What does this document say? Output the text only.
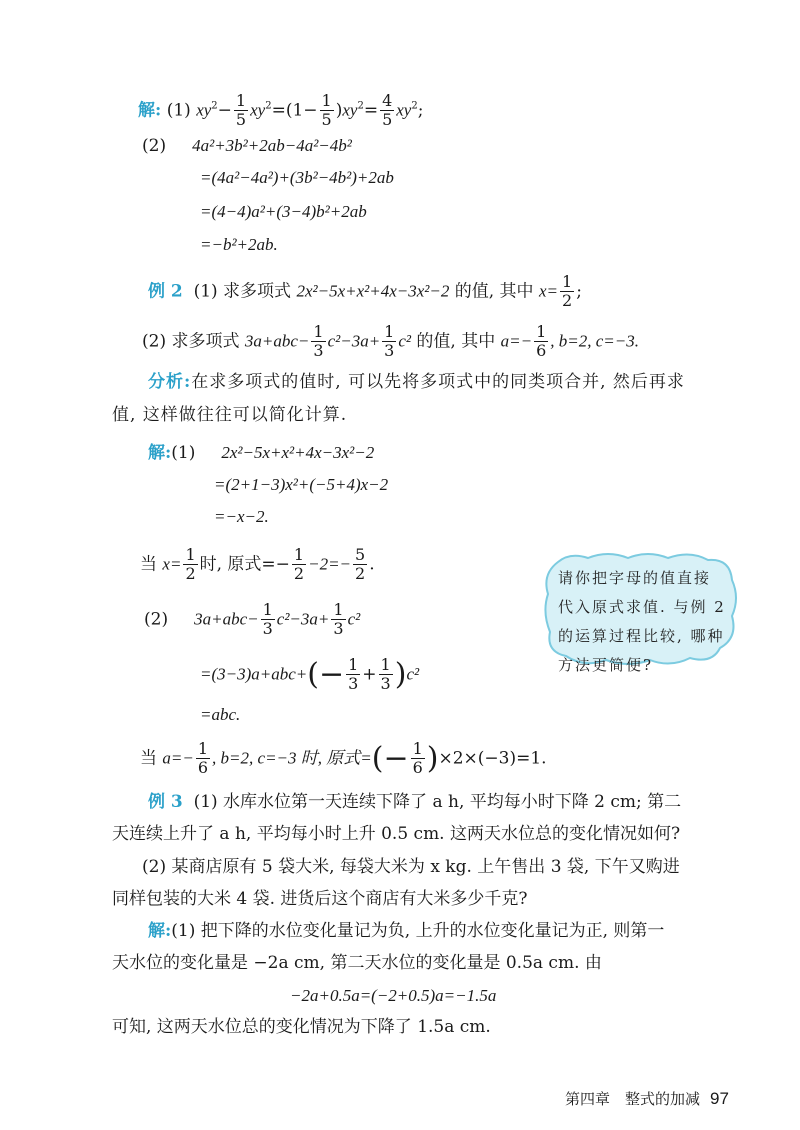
解: (1) $xy^2- \frac{1}{5} xy^2=(1- \frac{1}{5} )xy^2= \frac{4}{5} xy^2$;
(2) 4a²+3b²+2ab−4a²−4b²
=(4a²−4a²)+(3b²−4b²)+2ab
=(4−4)a²+(3−4)b²+2ab
=−b²+2ab.
例 2 (1) 求多项式 2x²−5x+x²+4x−3x²−2 的值, 其中 $x= \frac{1}{2}$ ;
(2) 求多项式 $3a+abc- \frac{1}{3} c^2-3a+ \frac{1}{3} c^2$ 的值, 其中 $a=- \frac{1}{6}$ , b=2, c=−3.
分析:在求多项式的值时, 可以先将多项式中的同类项合并, 然后再求
值, 这样做往往可以简化计算.
解:(1) 2x²−5x+x²+4x−3x²−2
=(2+1−3)x²+(−5+4)x−2
=−x−2.
当 $x= \frac{1}{2}$ 时, 原式=− $\frac{1}{2} -2=- \frac{5}{2}$ .
(2) $3a+abc- \frac{1}{3} c^2-3a+ \frac{1}{3} c^2$
$=(3-3)a+abc+(- \frac{1}{3} + \frac{1}{3} )c^2$
=abc.
当 $a=- \frac{1}{6}$ , b=2, c=−3 时, 原式=(− $\frac{1}{6} )\times 2\times(-3)=1$.
请你把字母的值直接代入原式求值. 与例 2 的运算过程比较, 哪种方法更简便?
例 3 (1) 水库水位第一天连续下降了 a h, 平均每小时下降 2 cm; 第二
天连续上升了 a h, 平均每小时上升 0.5 cm. 这两天水位总的变化情况如何?
(2) 某商店原有 5 袋大米, 每袋大米为 x kg. 上午售出 3 袋, 下午又购进
同样包装的大米 4 袋. 进货后这个商店有大米多少千克?
解:(1) 把下降的水位变化量记为负, 上升的水位变化量记为正, 则第一
天水位的变化量是 −2a cm, 第二天水位的变化量是 0.5a cm. 由
−2a+0.5a=(−2+0.5)a=−1.5a
可知, 这两天水位总的变化情况为下降了 1.5a cm.
第四章　整式的加减 97
